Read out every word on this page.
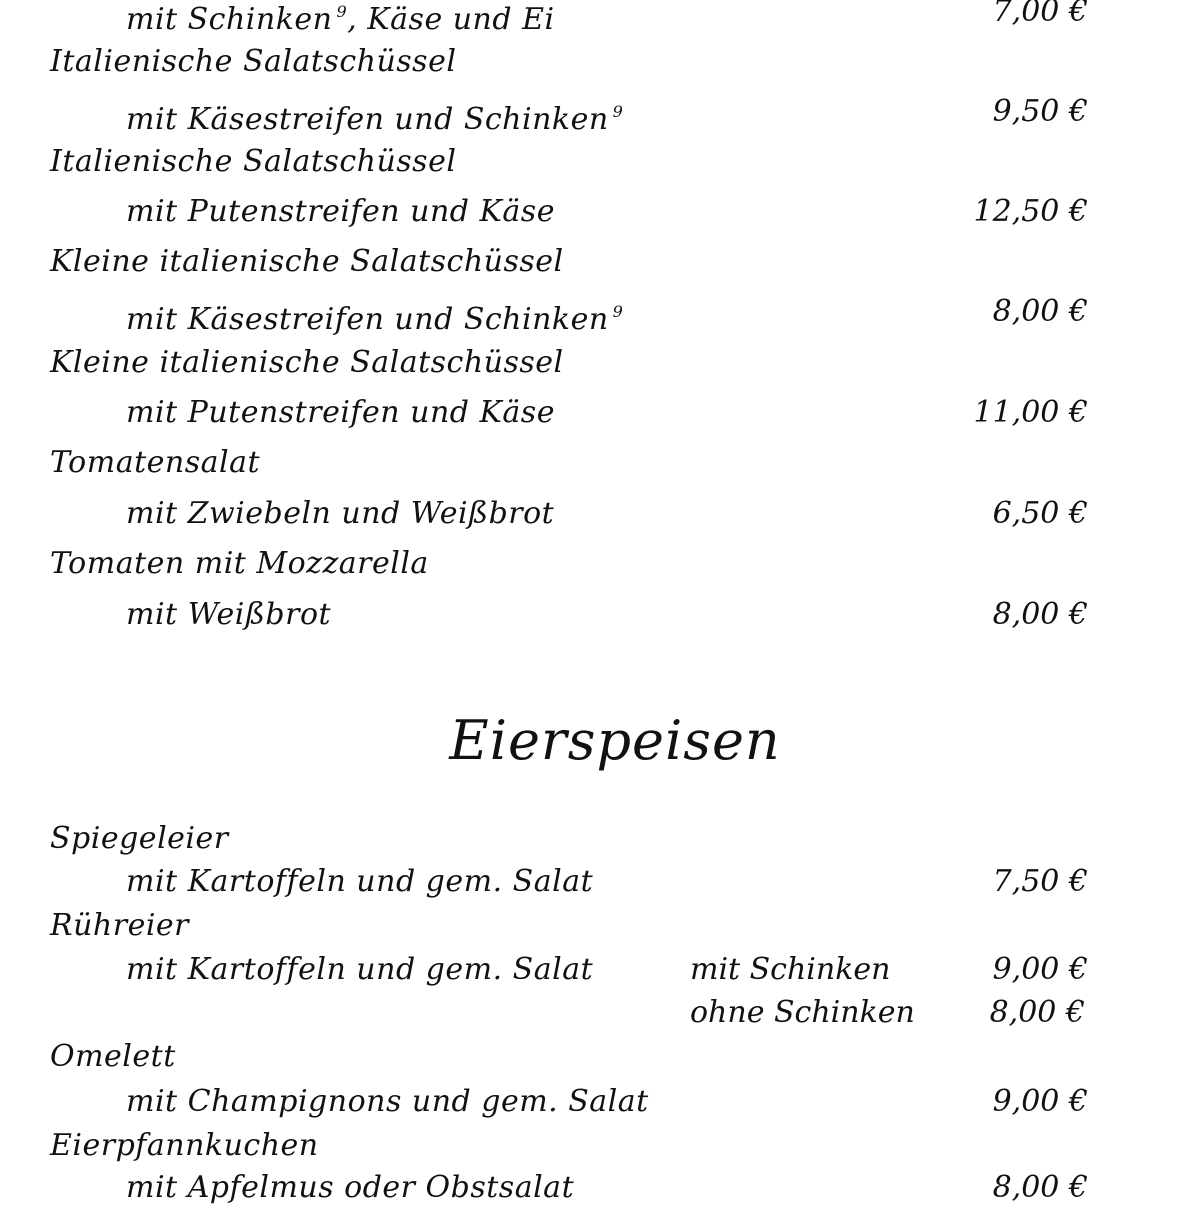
mit Schinken $^9$, Käse und Ei	7,00 €
Italienische Salatschüssel
mit Käsestreifen und Schinken $^9$	9,50 €
Italienische Salatschüssel
mit Putenstreifen und Käse	12,50 €
Kleine italienische Salatschüssel
mit Käsestreifen und Schinken $^9$	8,00 €
Kleine italienische Salatschüssel
mit Putenstreifen und Käse	11,00 €
Tomatensalat
mit Zwiebeln und Weißbrot	6,50 €
Tomaten mit Mozzarella
mit Weißbrot	8,00 €
Eierspeisen
Spiegeleier
mit Kartoffeln und gem. Salat	7,50 €
Rühreier
mit Kartoffeln und gem. Salat	mit Schinken	9,00 €
ohne Schinken 8,00 €
Omelett
mit Champignons und gem. Salat	9,00 €
Eierpfannkuchen
mit Apfelmus oder Obstsalat	8,00 €
